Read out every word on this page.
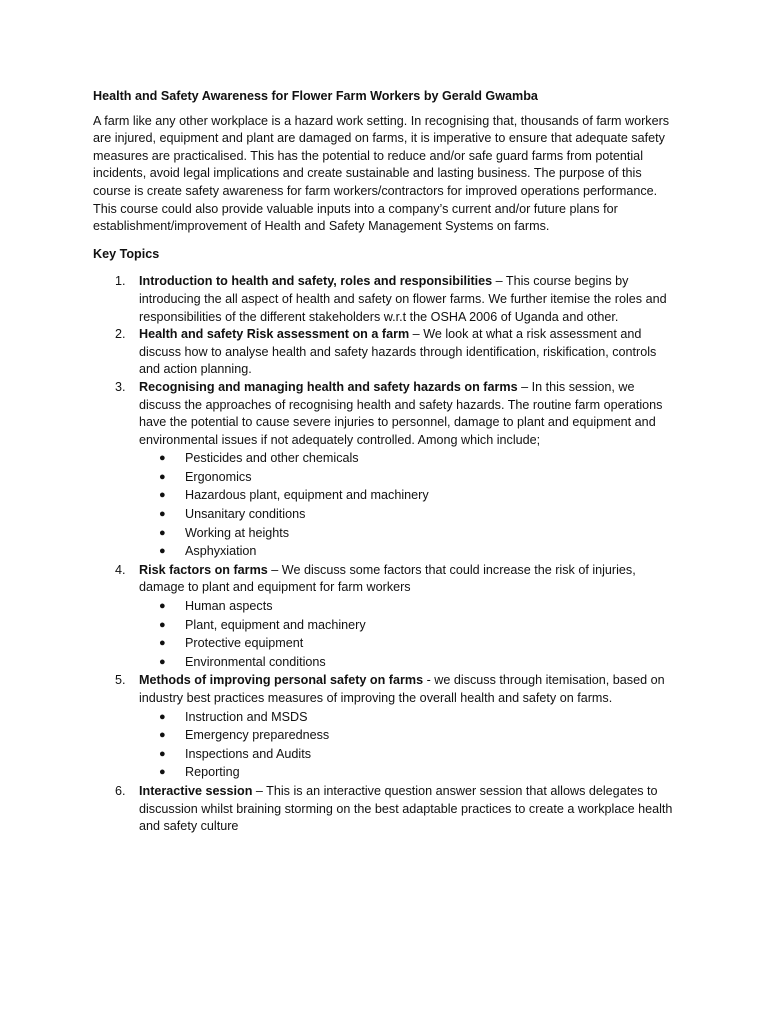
Health and Safety Awareness for Flower Farm Workers by Gerald Gwamba
A farm like any other workplace is a hazard work setting. In recognising that, thousands of farm workers are injured, equipment and plant are damaged on farms, it is imperative to ensure that adequate safety measures are practicalised. This has the potential to reduce and/or safe guard farms from potential incidents, avoid legal implications and create sustainable and lasting business. The purpose of this course is create safety awareness for farm workers/contractors for improved operations performance. This course could also provide valuable inputs into a company’s current and/or future plans for establishment/improvement of Health and Safety Management Systems on farms.
Key Topics
1. Introduction to health and safety, roles and responsibilities – This course begins by introducing the all aspect of health and safety on flower farms. We further itemise the roles and responsibilities of the different stakeholders w.r.t the OSHA 2006 of Uganda and other.
2. Health and safety Risk assessment on a farm – We look at what a risk assessment and discuss how to analyse health and safety hazards through identification, riskification, controls and action planning.
3. Recognising and managing health and safety hazards on farms – In this session, we discuss the approaches of recognising health and safety hazards. The routine farm operations have the potential to cause severe injuries to personnel, damage to plant and equipment and environmental issues if not adequately controlled. Among which include;
● Pesticides and other chemicals
● Ergonomics
● Hazardous plant, equipment and machinery
● Unsanitary conditions
● Working at heights
● Asphyxiation
4. Risk factors on farms – We discuss some factors that could increase the risk of injuries, damage to plant and equipment for farm workers
● Human aspects
● Plant, equipment and machinery
● Protective equipment
● Environmental conditions
5. Methods of improving personal safety on farms - we discuss through itemisation, based on industry best practices measures of improving the overall health and safety on farms.
● Instruction and MSDS
● Emergency preparedness
● Inspections and Audits
● Reporting
6. Interactive session – This is an interactive question answer session that allows delegates to discussion whilst braining storming on the best adaptable practices to create a workplace health and safety culture
